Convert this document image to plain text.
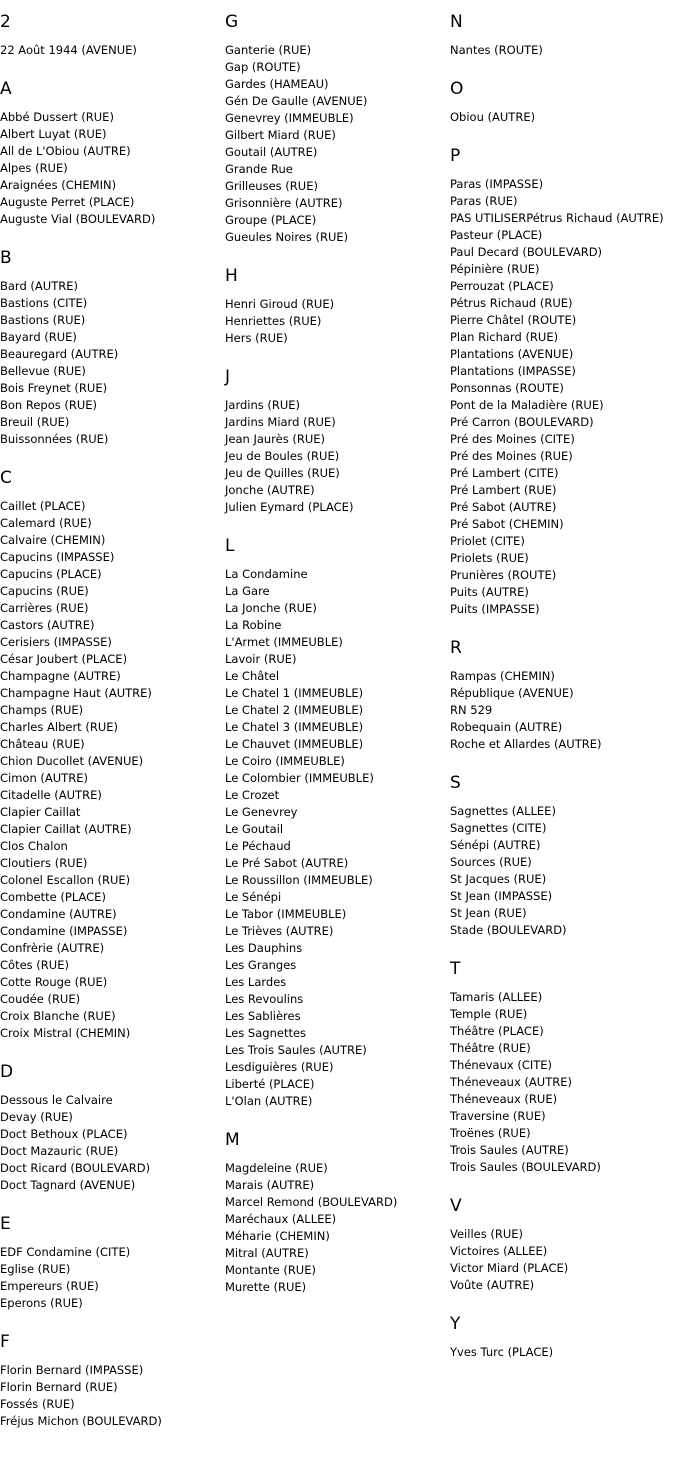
2
22 Août 1944 (AVENUE)
A
Abbé Dussert (RUE)
Albert Luyat (RUE)
All de L'Obiou (AUTRE)
Alpes (RUE)
Araignées (CHEMIN)
Auguste Perret (PLACE)
Auguste Vial (BOULEVARD)
B
Bard (AUTRE)
Bastions (CITE)
Bastions (RUE)
Bayard (RUE)
Beauregard (AUTRE)
Bellevue (RUE)
Bois Freynet (RUE)
Bon Repos (RUE)
Breuil (RUE)
Buissonnées (RUE)
C
Caillet (PLACE)
Calemard (RUE)
Calvaire (CHEMIN)
Capucins (IMPASSE)
Capucins (PLACE)
Capucins (RUE)
Carrières (RUE)
Castors (AUTRE)
Cerisiers (IMPASSE)
César Joubert (PLACE)
Champagne (AUTRE)
Champagne Haut (AUTRE)
Champs (RUE)
Charles Albert (RUE)
Château (RUE)
Chion Ducollet (AVENUE)
Cimon (AUTRE)
Citadelle (AUTRE)
Clapier Caillat
Clapier Caillat (AUTRE)
Clos Chalon
Cloutiers (RUE)
Colonel Escallon (RUE)
Combette (PLACE)
Condamine (AUTRE)
Condamine (IMPASSE)
Confrèrie (AUTRE)
Côtes (RUE)
Cotte Rouge (RUE)
Coudée (RUE)
Croix Blanche (RUE)
Croix Mistral (CHEMIN)
D
Dessous le Calvaire
Devay (RUE)
Doct Bethoux (PLACE)
Doct Mazauric (RUE)
Doct Ricard (BOULEVARD)
Doct Tagnard (AVENUE)
E
EDF Condamine (CITE)
Eglise (RUE)
Empereurs (RUE)
Eperons (RUE)
F
Florin Bernard (IMPASSE)
Florin Bernard (RUE)
Fossés (RUE)
Fréjus Michon (BOULEVARD)
G
Ganterie (RUE)
Gap (ROUTE)
Gardes (HAMEAU)
Gén De Gaulle (AVENUE)
Genevrey (IMMEUBLE)
Gilbert Miard (RUE)
Goutail (AUTRE)
Grande Rue
Grilleuses (RUE)
Grisonnière (AUTRE)
Groupe (PLACE)
Gueules Noires (RUE)
H
Henri Giroud (RUE)
Henriettes (RUE)
Hers (RUE)
J
Jardins (RUE)
Jardins Miard (RUE)
Jean Jaurès (RUE)
Jeu de Boules (RUE)
Jeu de Quilles (RUE)
Jonche (AUTRE)
Julien Eymard (PLACE)
L
La Condamine
La Gare
La Jonche (RUE)
La Robine
L'Armet (IMMEUBLE)
Lavoir (RUE)
Le Châtel
Le Chatel 1 (IMMEUBLE)
Le Chatel 2 (IMMEUBLE)
Le Chatel 3 (IMMEUBLE)
Le Chauvet (IMMEUBLE)
Le Coiro (IMMEUBLE)
Le Colombier (IMMEUBLE)
Le Crozet
Le Genevrey
Le Goutail
Le Péchaud
Le Pré Sabot (AUTRE)
Le Roussillon (IMMEUBLE)
Le Sénépi
Le Tabor (IMMEUBLE)
Le Trièves (AUTRE)
Les Dauphins
Les Granges
Les Lardes
Les Revoulins
Les Sablières
Les Sagnettes
Les Trois Saules (AUTRE)
Lesdiguières (RUE)
Liberté (PLACE)
L'Olan (AUTRE)
M
Magdeleine (RUE)
Marais (AUTRE)
Marcel Remond (BOULEVARD)
Maréchaux (ALLEE)
Méharie (CHEMIN)
Mitral (AUTRE)
Montante (RUE)
Murette (RUE)
N
Nantes (ROUTE)
O
Obiou (AUTRE)
P
Paras (IMPASSE)
Paras (RUE)
PAS UTILISERPétrus Richaud (AUTRE)
Pasteur (PLACE)
Paul Decard (BOULEVARD)
Pépinière (RUE)
Perrouzat (PLACE)
Pétrus Richaud (RUE)
Pierre Châtel (ROUTE)
Plan Richard (RUE)
Plantations (AVENUE)
Plantations (IMPASSE)
Ponsonnas (ROUTE)
Pont de la Maladière (RUE)
Pré Carron (BOULEVARD)
Pré des Moines (CITE)
Pré des Moines (RUE)
Pré Lambert (CITE)
Pré Lambert (RUE)
Pré Sabot (AUTRE)
Pré Sabot (CHEMIN)
Priolet (CITE)
Priolets (RUE)
Prunières (ROUTE)
Puits (AUTRE)
Puits (IMPASSE)
R
Rampas (CHEMIN)
République (AVENUE)
RN 529
Robequain (AUTRE)
Roche et Allardes (AUTRE)
S
Sagnettes (ALLEE)
Sagnettes (CITE)
Sénépi (AUTRE)
Sources (RUE)
St Jacques (RUE)
St Jean (IMPASSE)
St Jean (RUE)
Stade (BOULEVARD)
T
Tamaris (ALLEE)
Temple (RUE)
Théâtre (PLACE)
Théâtre (RUE)
Thénevaux (CITE)
Théneveaux (AUTRE)
Théneveaux (RUE)
Traversine (RUE)
Troënes (RUE)
Trois Saules (AUTRE)
Trois Saules (BOULEVARD)
V
Veilles (RUE)
Victoires (ALLEE)
Victor Miard (PLACE)
Voûte (AUTRE)
Y
Yves Turc (PLACE)
